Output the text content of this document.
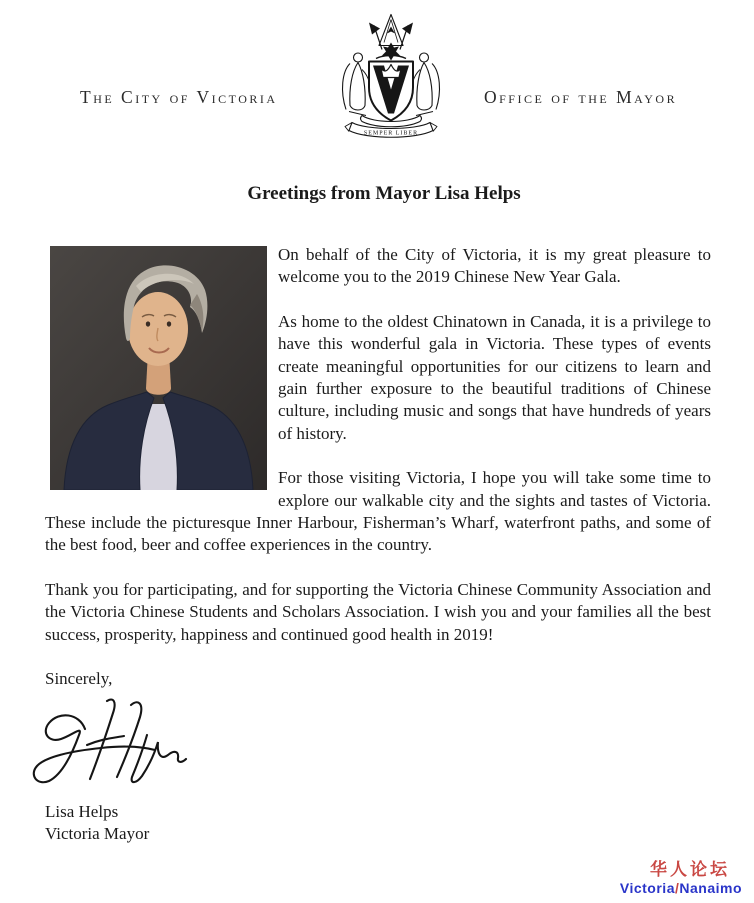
The City of Victoria	Office of the Mayor
SEMPER LIBER
Greetings from Mayor Lisa Helps

On behalf of the City of Victoria, it is my great pleasure to welcome you to the 2019 Chinese New Year Gala.

As home to the oldest Chinatown in Canada, it is a privilege to have this wonderful gala in Victoria. These types of events create meaningful opportunities for our citizens to learn and gain further exposure to the beautiful traditions of Chinese culture, including music and songs that have hundreds of years of history.

For those visiting Victoria, I hope you will take some time to explore our walkable city and the sights and tastes of Victoria. These include the picturesque Inner Harbour, Fisherman’s Wharf, waterfront paths, and some of the best food, beer and coffee experiences in the country.

Thank you for participating, and for supporting the Victoria Chinese Community Association and the Victoria Chinese Students and Scholars Association. I wish you and your families all the best success, prosperity, happiness and continued good health in 2019!

Sincerely,

Lisa Helps
Victoria Mayor
华人论坛
Victoria/Nanaimo
